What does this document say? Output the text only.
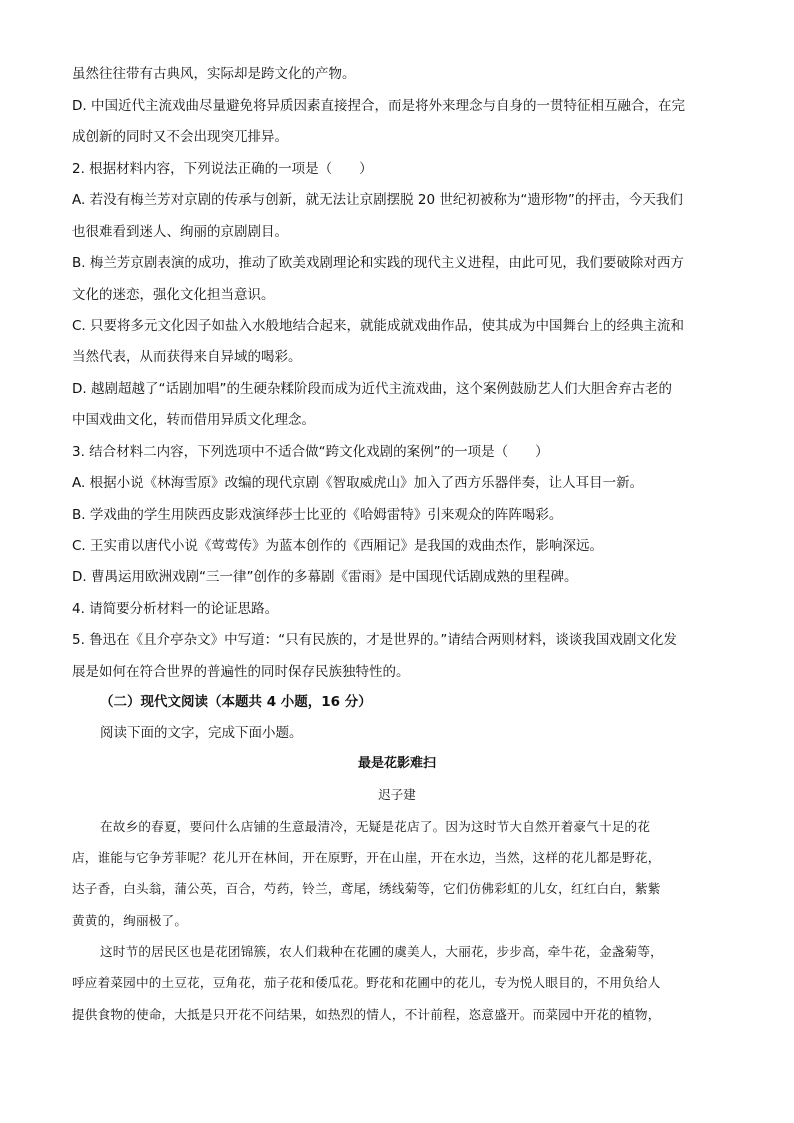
虽然往往带有古典风，实际却是跨文化的产物。
D. 中国近代主流戏曲尽量避免将异质因素直接捏合，而是将外来理念与自身的一贯特征相互融合，在完
成创新的同时又不会出现突兀排异。
2. 根据材料内容，下列说法正确的一项是（　　）
A. 若没有梅兰芳对京剧的传承与创新，就无法让京剧摆脱 20 世纪初被称为“遗形物”的抨击，今天我们
也很难看到迷人、绚丽的京剧剧目。
B. 梅兰芳京剧表演的成功，推动了欧美戏剧理论和实践的现代主义进程，由此可见，我们要破除对西方
文化的迷恋，强化文化担当意识。
C. 只要将多元文化因子如盐入水般地结合起来，就能成就戏曲作品，使其成为中国舞台上的经典主流和
当然代表，从而获得来自异域的喝彩。
D. 越剧超越了“话剧加唱”的生硬杂糅阶段而成为近代主流戏曲，这个案例鼓励艺人们大胆舍弃古老的
中国戏曲文化，转而借用异质文化理念。
3. 结合材料二内容，下列选项中不适合做“跨文化戏剧的案例”的一项是（　　）
A. 根据小说《林海雪原》改编的现代京剧《智取威虎山》加入了西方乐器伴奏，让人耳目一新。
B. 学戏曲的学生用陕西皮影戏演绎莎士比亚的《哈姆雷特》引来观众的阵阵喝彩。
C. 王实甫以唐代小说《莺莺传》为蓝本创作的《西厢记》是我国的戏曲杰作，影响深远。
D. 曹禺运用欧洲戏剧“三一律”创作的多幕剧《雷雨》是中国现代话剧成熟的里程碑。
4. 请简要分析材料一的论证思路。
5. 鲁迅在《且介亭杂文》中写道：“只有民族的，才是世界的。”请结合两则材料，谈谈我国戏剧文化发
展是如何在符合世界的普遍性的同时保存民族独特性的。
（二）现代文阅读（本题共 4 小题，16 分）
阅读下面的文字，完成下面小题。
最是花影难扫
迟子建
在故乡的春夏，要问什么店铺的生意最清冷，无疑是花店了。因为这时节大自然开着豪气十足的花
店，谁能与它争芳菲呢？花儿开在林间，开在原野，开在山崖，开在水边，当然，这样的花儿都是野花，
达子香，白头翁，蒲公英，百合，芍药，铃兰，鸢尾，绣线菊等，它们仿佛彩虹的儿女，红红白白，紫紫
黄黄的，绚丽极了。
这时节的居民区也是花团锦簇，农人们栽种在花圃的虞美人，大丽花，步步高，牵牛花，金盏菊等，
呼应着菜园中的土豆花，豆角花，茄子花和倭瓜花。野花和花圃中的花儿，专为悦人眼目的，不用负给人
提供食物的使命，大抵是只开花不问结果，如热烈的情人，不计前程，恣意盛开。而菜园中开花的植物，
